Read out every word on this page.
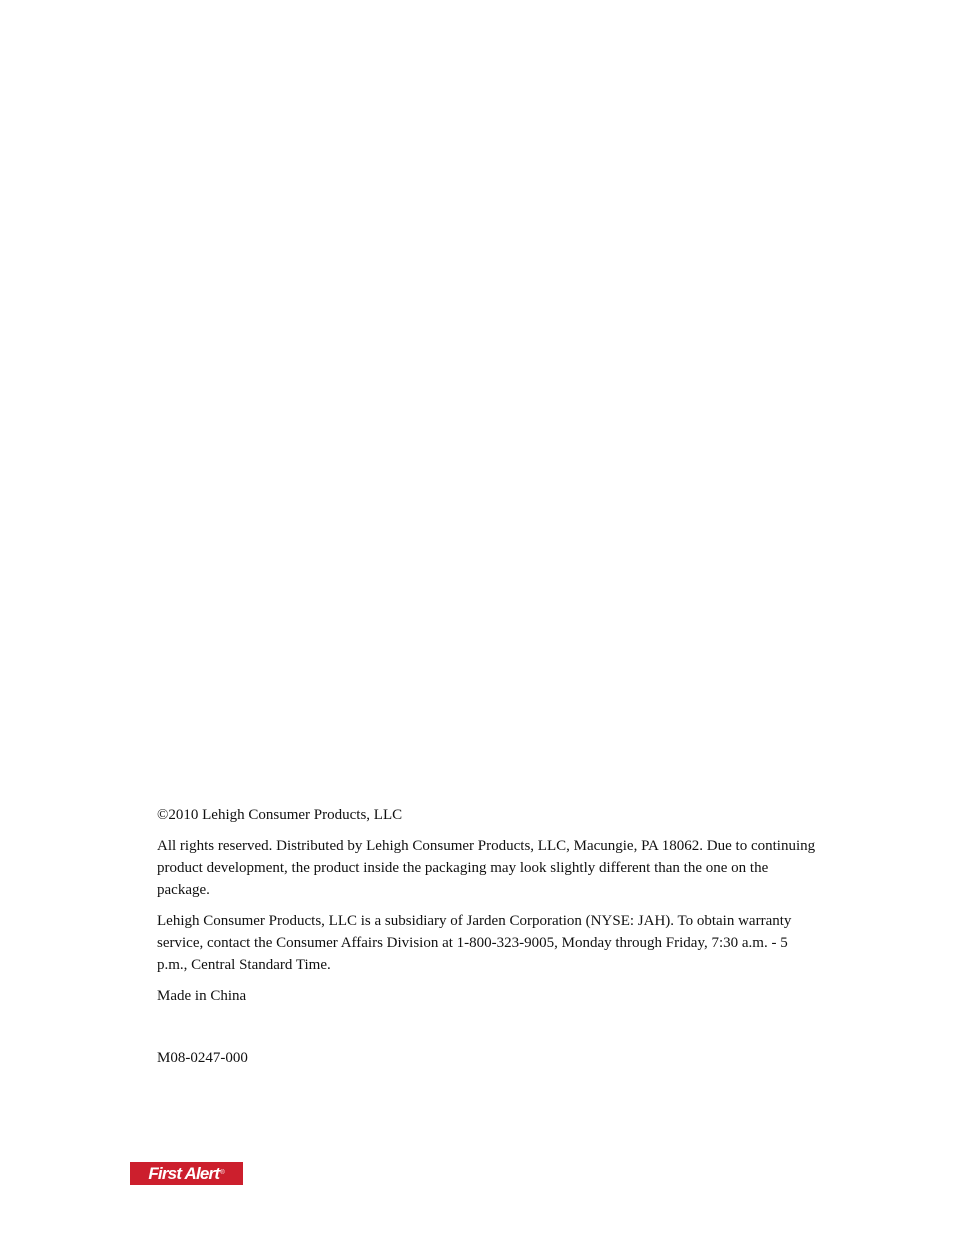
©2010 Lehigh Consumer Products, LLC

All rights reserved. Distributed by Lehigh Consumer Products, LLC, Macungie, PA 18062. Due to continuing product development, the product inside the packaging may look slightly different than the one on the package.

Lehigh Consumer Products, LLC is a subsidiary of Jarden Corporation (NYSE: JAH). To obtain warranty service, contact the Consumer Affairs Division at 1-800-323-9005, Monday through Friday, 7:30 a.m. - 5 p.m., Central Standard Time.

Made in China

M08-0247-000

First Alert ®
